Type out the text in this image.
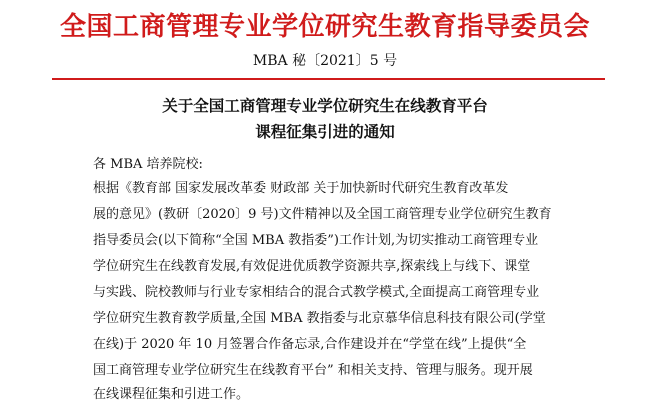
全国工商管理专业学位研究生教育指导委员会
MBA 秘〔2021〕5 号
关于全国工商管理专业学位研究生在线教育平台
课程征集引进的通知
各 MBA 培养院校:
根据《教育部 国家发展改革委 财政部 关于加快新时代研究生教育改革发
展的意见》(教研〔2020〕9 号)文件精神以及全国工商管理专业学位研究生教育
指导委员会(以下简称“全国 MBA 教指委”)工作计划,为切实推动工商管理专业
学位研究生在线教育发展,有效促进优质教学资源共享,探索线上与线下、课堂
与实践、院校教师与行业专家相结合的混合式教学模式,全面提高工商管理专业
学位研究生教育教学质量,全国 MBA 教指委与北京慕华信息科技有限公司(学堂
在线)于 2020 年 10 月签署合作备忘录,合作建设并在“学堂在线”上提供“全
国工商管理专业学位研究生在线教育平台” 和相关支持、管理与服务。现开展
在线课程征集和引进工作。
